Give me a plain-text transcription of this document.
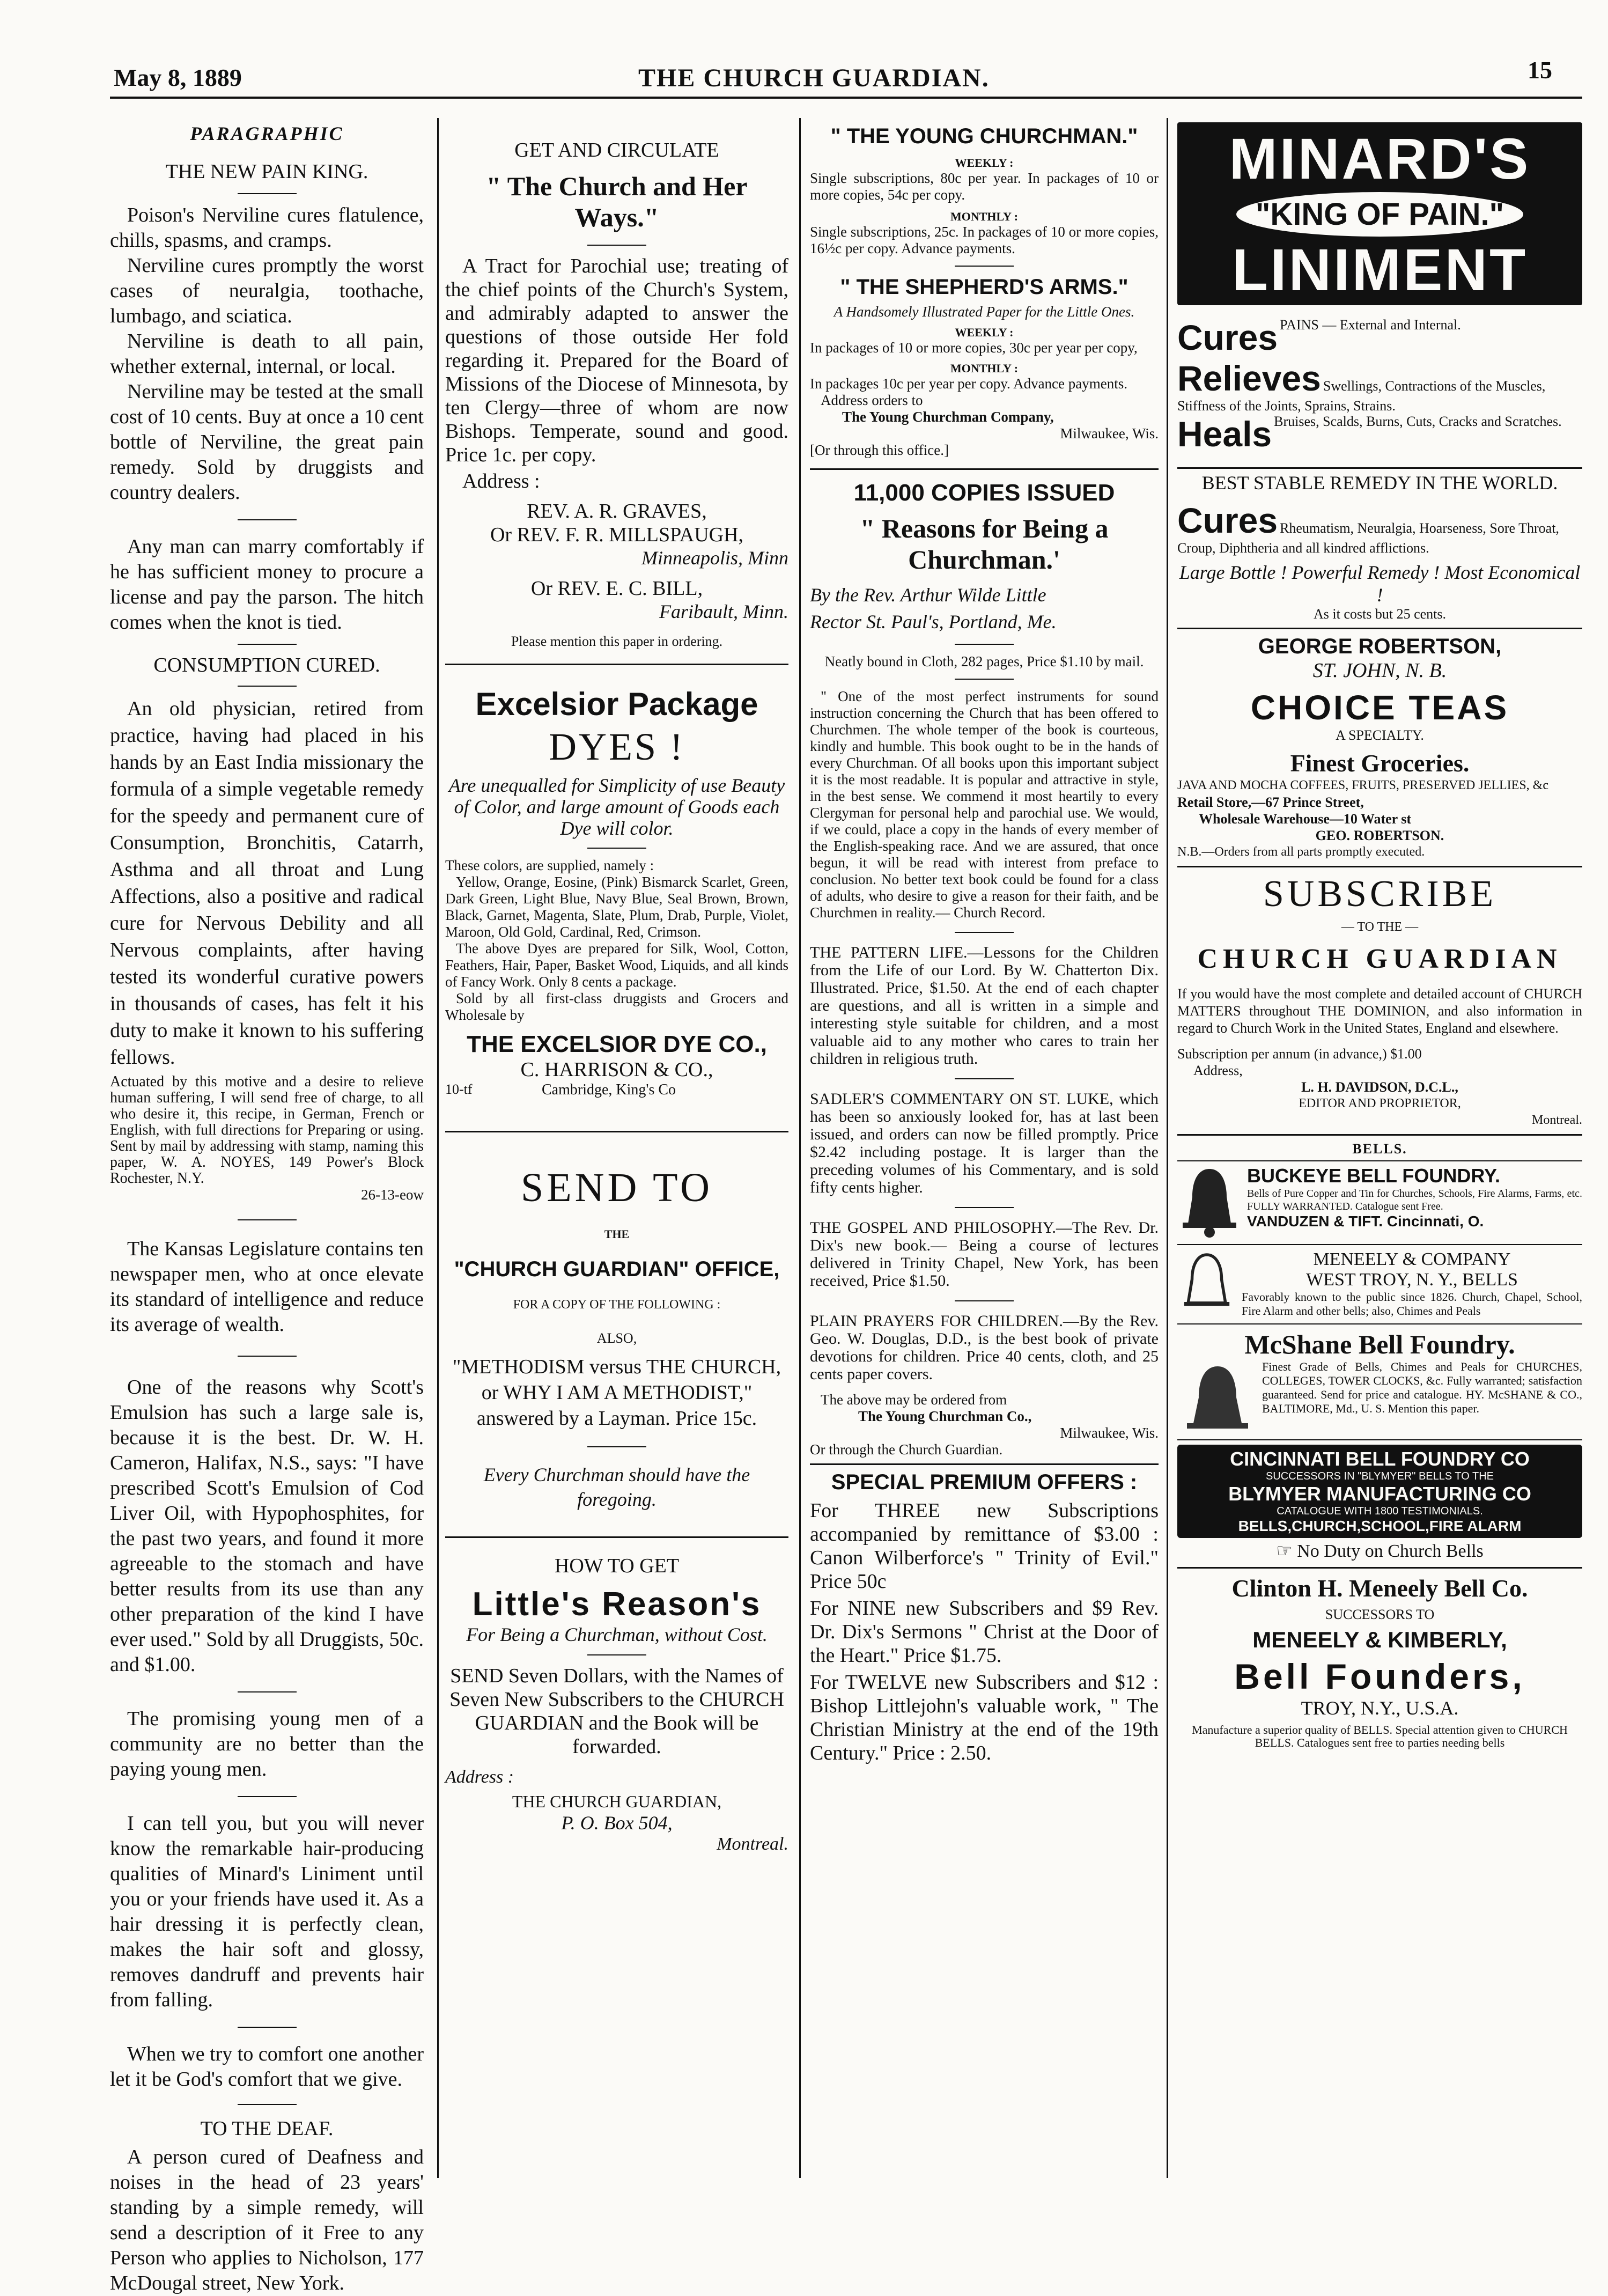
May 8, 1889	THE CHURCH GUARDIAN.	15

PARAGRAPHIC

THE NEW PAIN KING.

Poison's Nerviline cures flatulence, chills, spasms, and cramps.

Nerviline cures promptly the worst cases of neuralgia, toothache, lumbago, and sciatica.

Nerviline is death to all pain, whether external, internal, or local.

Nerviline may be tested at the small cost of 10 cents. Buy at once a 10 cent bottle of Nerviline, the great pain remedy. Sold by druggists and country dealers.

Any man can marry comfortably if he has sufficient money to procure a license and pay the parson. The hitch comes when the knot is tied.

CONSUMPTION CURED.

An old physician, retired from practice, having had placed in his hands by an East India missionary the formula of a simple vegetable remedy for the speedy and permanent cure of Consumption, Bronchitis, Catarrh, Asthma and all throat and Lung Affections, also a positive and radical cure for Nervous Debility and all Nervous complaints, after having tested its wonderful curative powers in thousands of cases, has felt it his duty to make it known to his suffering fellows.

Actuated by this motive and a desire to relieve human suffering, I will send free of charge, to all who desire it, this recipe, in German, French or English, with full directions for Preparing or using. Sent by mail by addressing with stamp, naming this paper, W. A. NOYES, 149 Power's Block Rochester, N.Y.

26-13-eow

The Kansas Legislature contains ten newspaper men, who at once elevate its standard of intelligence and reduce its average of wealth.

One of the reasons why Scott's Emulsion has such a large sale is, because it is the best. Dr. W. H. Cameron, Halifax, N.S., says: "I have prescribed Scott's Emulsion of Cod Liver Oil, with Hypophosphites, for the past two years, and found it more agreeable to the stomach and have better results from its use than any other preparation of the kind I have ever used." Sold by all Druggists, 50c. and $1.00.

The promising young men of a community are no better than the paying young men.

I can tell you, but you will never know the remarkable hair-producing qualities of Minard's Liniment until you or your friends have used it. As a hair dressing it is perfectly clean, makes the hair soft and glossy, removes dandruff and prevents hair from falling.

When we try to comfort one another let it be God's comfort that we give.

TO THE DEAF.

A person cured of Deafness and noises in the head of 23 years' standing by a simple remedy, will send a description of it Free to any Person who applies to Nicholson, 177 McDougal street, New York.

GET AND CIRCULATE

" The Church and Her Ways."

A Tract for Parochial use; treating of the chief points of the Church's System, and admirably adapted to answer the questions of those outside Her fold regarding it. Prepared for the Board of Missions of the Diocese of Minnesota, by ten Clergy—three of whom are now Bishops. Temperate, sound and good. Price 1c. per copy.

Address :

REV. A. R. GRAVES,

Or REV. F. R. MILLSPAUGH,

Minneapolis, Minn

Or REV. E. C. BILL,

Faribault, Minn.

Please mention this paper in ordering.

Excelsior Package

DYES !

Are unequalled for Simplicity of use Beauty of Color, and large amount of Goods each Dye will color.

These colors, are supplied, namely :

Yellow, Orange, Eosine, (Pink) Bismarck Scarlet, Green, Dark Green, Light Blue, Navy Blue, Seal Brown, Brown, Black, Garnet, Magenta, Slate, Plum, Drab, Purple, Violet, Maroon, Old Gold, Cardinal, Red, Crimson.

The above Dyes are prepared for Silk, Wool, Cotton, Feathers, Hair, Paper, Basket Wood, Liquids, and all kinds of Fancy Work. Only 8 cents a package.

Sold by all first-class druggists and Grocers and Wholesale by

THE EXCELSIOR DYE CO.,

C. HARRISON & CO.,

10-tf	Cambridge, King's Co

SEND TO

THE

"CHURCH GUARDIAN" OFFICE,

FOR A COPY OF THE FOLLOWING :

ALSO,

"METHODISM versus THE CHURCH, or WHY I AM A METHODIST," answered by a Layman. Price 15c.

Every Churchman should have the foregoing.

HOW TO GET

Little's Reason's

For Being a Churchman, without Cost.

SEND Seven Dollars, with the Names of Seven New Subscribers to the CHURCH GUARDIAN and the Book will be forwarded.

Address :

THE CHURCH GUARDIAN,

P. O. Box 504,

Montreal.

" THE YOUNG CHURCHMAN."

WEEKLY :

Single subscriptions, 80c per year. In packages of 10 or more copies, 54c per copy.

MONTHLY :

Single subscriptions, 25c. In packages of 10 or more copies, 16½c per copy. Advance payments.

" THE SHEPHERD'S ARMS."

A Handsomely Illustrated Paper for the Little Ones.

WEEKLY :

In packages of 10 or more copies, 30c per year per copy,

MONTHLY :

In packages 10c per year per copy. Advance payments.

Address orders to

The Young Churchman Company,

Milwaukee, Wis.

[Or through this office.]

11,000 COPIES ISSUED

" Reasons for Being a Churchman.'

By the Rev. Arthur Wilde Little

Rector St. Paul's, Portland, Me.

Neatly bound in Cloth, 282 pages, Price $1.10 by mail.

" One of the most perfect instruments for sound instruction concerning the Church that has been offered to Churchmen. The whole temper of the book is courteous, kindly and humble. This book ought to be in the hands of every Churchman. Of all books upon this important subject it is the most readable. It is popular and attractive in style, in the best sense. We commend it most heartily to every Clergyman for personal help and parochial use. We would, if we could, place a copy in the hands of every member of the English-speaking race. And we are assured, that once begun, it will be read with interest from preface to conclusion. No better text book could be found for a class of adults, who desire to give a reason for their faith, and be Churchmen in reality.— Church Record.

THE PATTERN LIFE.—Lessons for the Children from the Life of our Lord. By W. Chatterton Dix. Illustrated. Price, $1.50. At the end of each chapter are questions, and all is written in a simple and interesting style suitable for children, and a most valuable aid to any mother who cares to train her children in religious truth.

SADLER'S COMMENTARY ON ST. LUKE, which has been so anxiously looked for, has at last been issued, and orders can now be filled promptly. Price $2.42 including postage. It is larger than the preceding volumes of his Commentary, and is sold fifty cents higher.

THE GOSPEL AND PHILOSOPHY.—The Rev. Dr. Dix's new book.— Being a course of lectures delivered in Trinity Chapel, New York, has been received, Price $1.50.

PLAIN PRAYERS FOR CHILDREN.—By the Rev. Geo. W. Douglas, D.D., is the best book of private devotions for children. Price 40 cents, cloth, and 25 cents paper covers.

The above may be ordered from

The Young Churchman Co.,

Milwaukee, Wis.

Or through the Church Guardian.

SPECIAL PREMIUM OFFERS :

For THREE new Subscriptions accompanied by remittance of $3.00 : Canon Wilberforce's " Trinity of Evil." Price 50c

For NINE new Subscribers and $9 Rev. Dr. Dix's Sermons " Christ at the Door of the Heart." Price $1.75.

For TWELVE new Subscribers and $12 : Bishop Littlejohn's valuable work, " The Christian Ministry at the end of the 19th Century." Price : 2.50.

MINARD'S
"KING OF PAIN."
LINIMENT
Cures PAINS — External and Internal.
Relieves Swellings, Contractions of the Muscles, Stiffness of the Joints, Sprains, Strains.
Heals Bruises, Scalds, Burns, Cuts, Cracks and Scratches.

BEST STABLE REMEDY IN THE WORLD.

Cures Rheumatism, Neuralgia, Hoarseness, Sore Throat, Croup, Diphtheria and all kindred afflictions.

Large Bottle ! Powerful Remedy ! Most Economical !

As it costs but 25 cents.

GEORGE ROBERTSON,

ST. JOHN, N. B.

CHOICE TEAS

A SPECIALTY.

Finest Groceries.

JAVA AND MOCHA COFFEES, FRUITS, PRESERVED JELLIES, &c

Retail Store,—67 Prince Street,

Wholesale Warehouse—10 Water st

GEO. ROBERTSON.

N.B.—Orders from all parts promptly executed.

SUBSCRIBE

— TO THE —

CHURCH GUARDIAN

If you would have the most complete and detailed account of CHURCH MATTERS throughout THE DOMINION, and also information in regard to Church Work in the United States, England and elsewhere.

Subscription per annum (in advance,) $1.00

Address,

L. H. DAVIDSON, D.C.L.,

EDITOR AND PROPRIETOR,

Montreal.

BELLS.

BUCKEYE BELL FOUNDRY.

Bells of Pure Copper and Tin for Churches, Schools, Fire Alarms, Farms, etc. FULLY WARRANTED. Catalogue sent Free.

VANDUZEN & TIFT. Cincinnati, O.

MENEELY & COMPANY

WEST TROY, N. Y., BELLS

Favorably known to the public since 1826. Church, Chapel, School, Fire Alarm and other bells; also, Chimes and Peals

McShane Bell Foundry.

Finest Grade of Bells, Chimes and Peals for CHURCHES, COLLEGES, TOWER CLOCKS, &c. Fully warranted; satisfaction guaranteed. Send for price and catalogue. HY. McSHANE & CO., BALTIMORE, Md., U. S. Mention this paper.

CINCINNATI BELL FOUNDRY CO
SUCCESSORS IN "BLYMYER" BELLS TO THE
BLYMYER MANUFACTURING CO
CATALOGUE WITH 1800 TESTIMONIALS.
BELLS,CHURCH,SCHOOL,FIRE ALARM

☞ No Duty on Church Bells

Clinton H. Meneely Bell Co.

SUCCESSORS TO

MENEELY & KIMBERLY,

Bell Founders,

TROY, N.Y., U.S.A.

Manufacture a superior quality of BELLS. Special attention given to CHURCH BELLS. Catalogues sent free to parties needing bells
